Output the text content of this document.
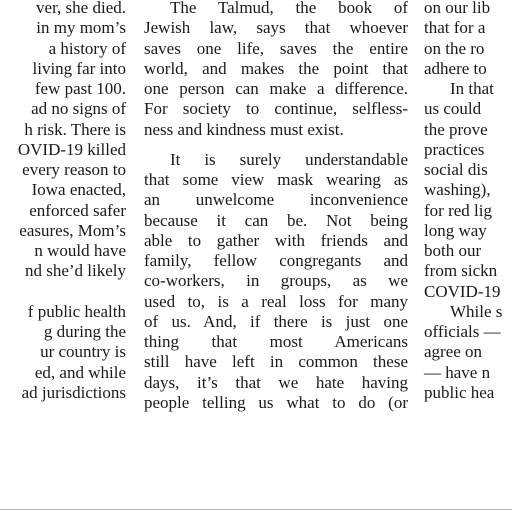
ver, she died.
in my mom’s
a history of
living far into
few past 100.
ad no signs of
h risk. There is
OVID-19 killed
every reason to
Iowa enacted,
enforced safer
easures, Mom’s
n would have
nd she’d likely
f public health
g during the
ur country is
ed, and while
ad jurisdictions

The Talmud, the book of
Jewish law, says that whoever
saves one life, saves the entire
world, and makes the point that
one person can make a difference.
For society to continue, selfless-
ness and kindness must exist.

It is surely understandable
that some view mask wearing as
an unwelcome inconvenience
because it can be. Not being
able to gather with friends and
family, fellow congregants and
co-workers, in groups, as we
used to, is a real loss for many
of us. And, if there is just one
thing that most Americans
still have left in common these
days, it’s that we hate having
people telling us what to do (or

on our lib
that for a
on the ro
adhere to
In that
us could
the prove
practices
social dis
washing),
for red lig
long way
both our
from sickn
COVID-19
While s
officials —
agree on
— have n
public hea
